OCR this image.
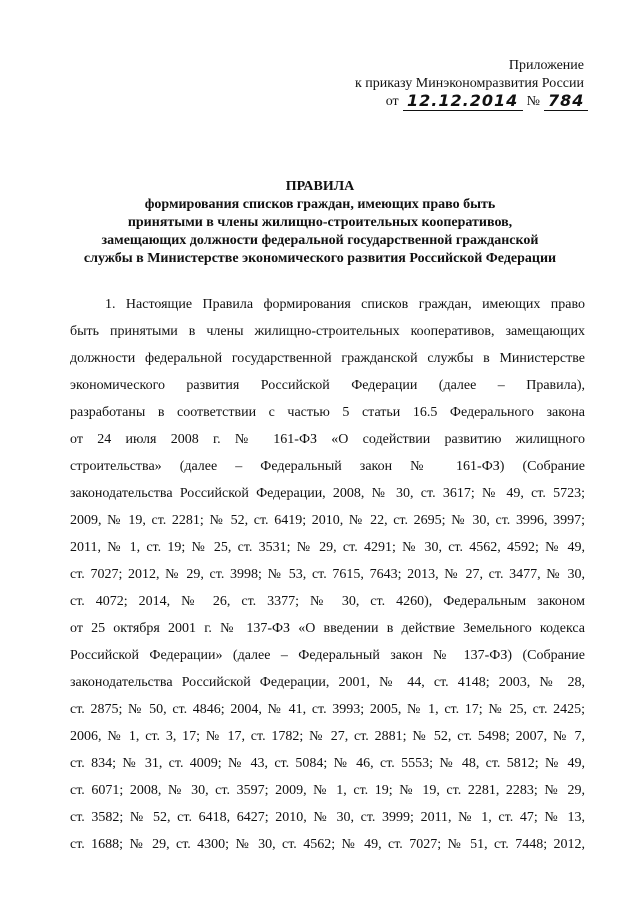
Приложение
к приказу Минэкономразвития России
от 12.12.2014 № 784
ПРАВИЛА
формирования списков граждан, имеющих право быть
принятыми в члены жилищно-строительных кооперативов,
замещающих должности федеральной государственной гражданской
службы в Министерстве экономического развития Российской Федерации
1. Настоящие Правила формирования списков граждан, имеющих право
быть принятыми в члены жилищно-строительных кооперативов, замещающих
должности федеральной государственной гражданской службы в Министерстве
экономического развития Российской Федерации (далее – Правила),
разработаны в соответствии с частью 5 статьи 16.5 Федерального закона
от 24 июля 2008 г. № 161-ФЗ «О содействии развитию жилищного
строительства» (далее – Федеральный закон № 161-ФЗ) (Собрание
законодательства Российской Федерации, 2008, № 30, ст. 3617; № 49, ст. 5723;
2009, № 19, ст. 2281; № 52, ст. 6419; 2010, № 22, ст. 2695; № 30, ст. 3996, 3997;
2011, № 1, ст. 19; № 25, ст. 3531; № 29, ст. 4291; № 30, ст. 4562, 4592; № 49,
ст. 7027; 2012, № 29, ст. 3998; № 53, ст. 7615, 7643; 2013, № 27, ст. 3477, № 30,
ст. 4072; 2014, № 26, ст. 3377; № 30, ст. 4260), Федеральным законом
от 25 октября 2001 г. № 137-ФЗ «О введении в действие Земельного кодекса
Российской Федерации» (далее – Федеральный закон № 137-ФЗ) (Собрание
законодательства Российской Федерации, 2001, № 44, ст. 4148; 2003, № 28,
ст. 2875; № 50, ст. 4846; 2004, № 41, ст. 3993; 2005, № 1, ст. 17; № 25, ст. 2425;
2006, № 1, ст. 3, 17; № 17, ст. 1782; № 27, ст. 2881; № 52, ст. 5498; 2007, № 7,
ст. 834; № 31, ст. 4009; № 43, ст. 5084; № 46, ст. 5553; № 48, ст. 5812; № 49,
ст. 6071; 2008, № 30, ст. 3597; 2009, № 1, ст. 19; № 19, ст. 2281, 2283; № 29,
ст. 3582; № 52, ст. 6418, 6427; 2010, № 30, ст. 3999; 2011, № 1, ст. 47; № 13,
ст. 1688; № 29, ст. 4300; № 30, ст. 4562; № 49, ст. 7027; № 51, ст. 7448; 2012,
